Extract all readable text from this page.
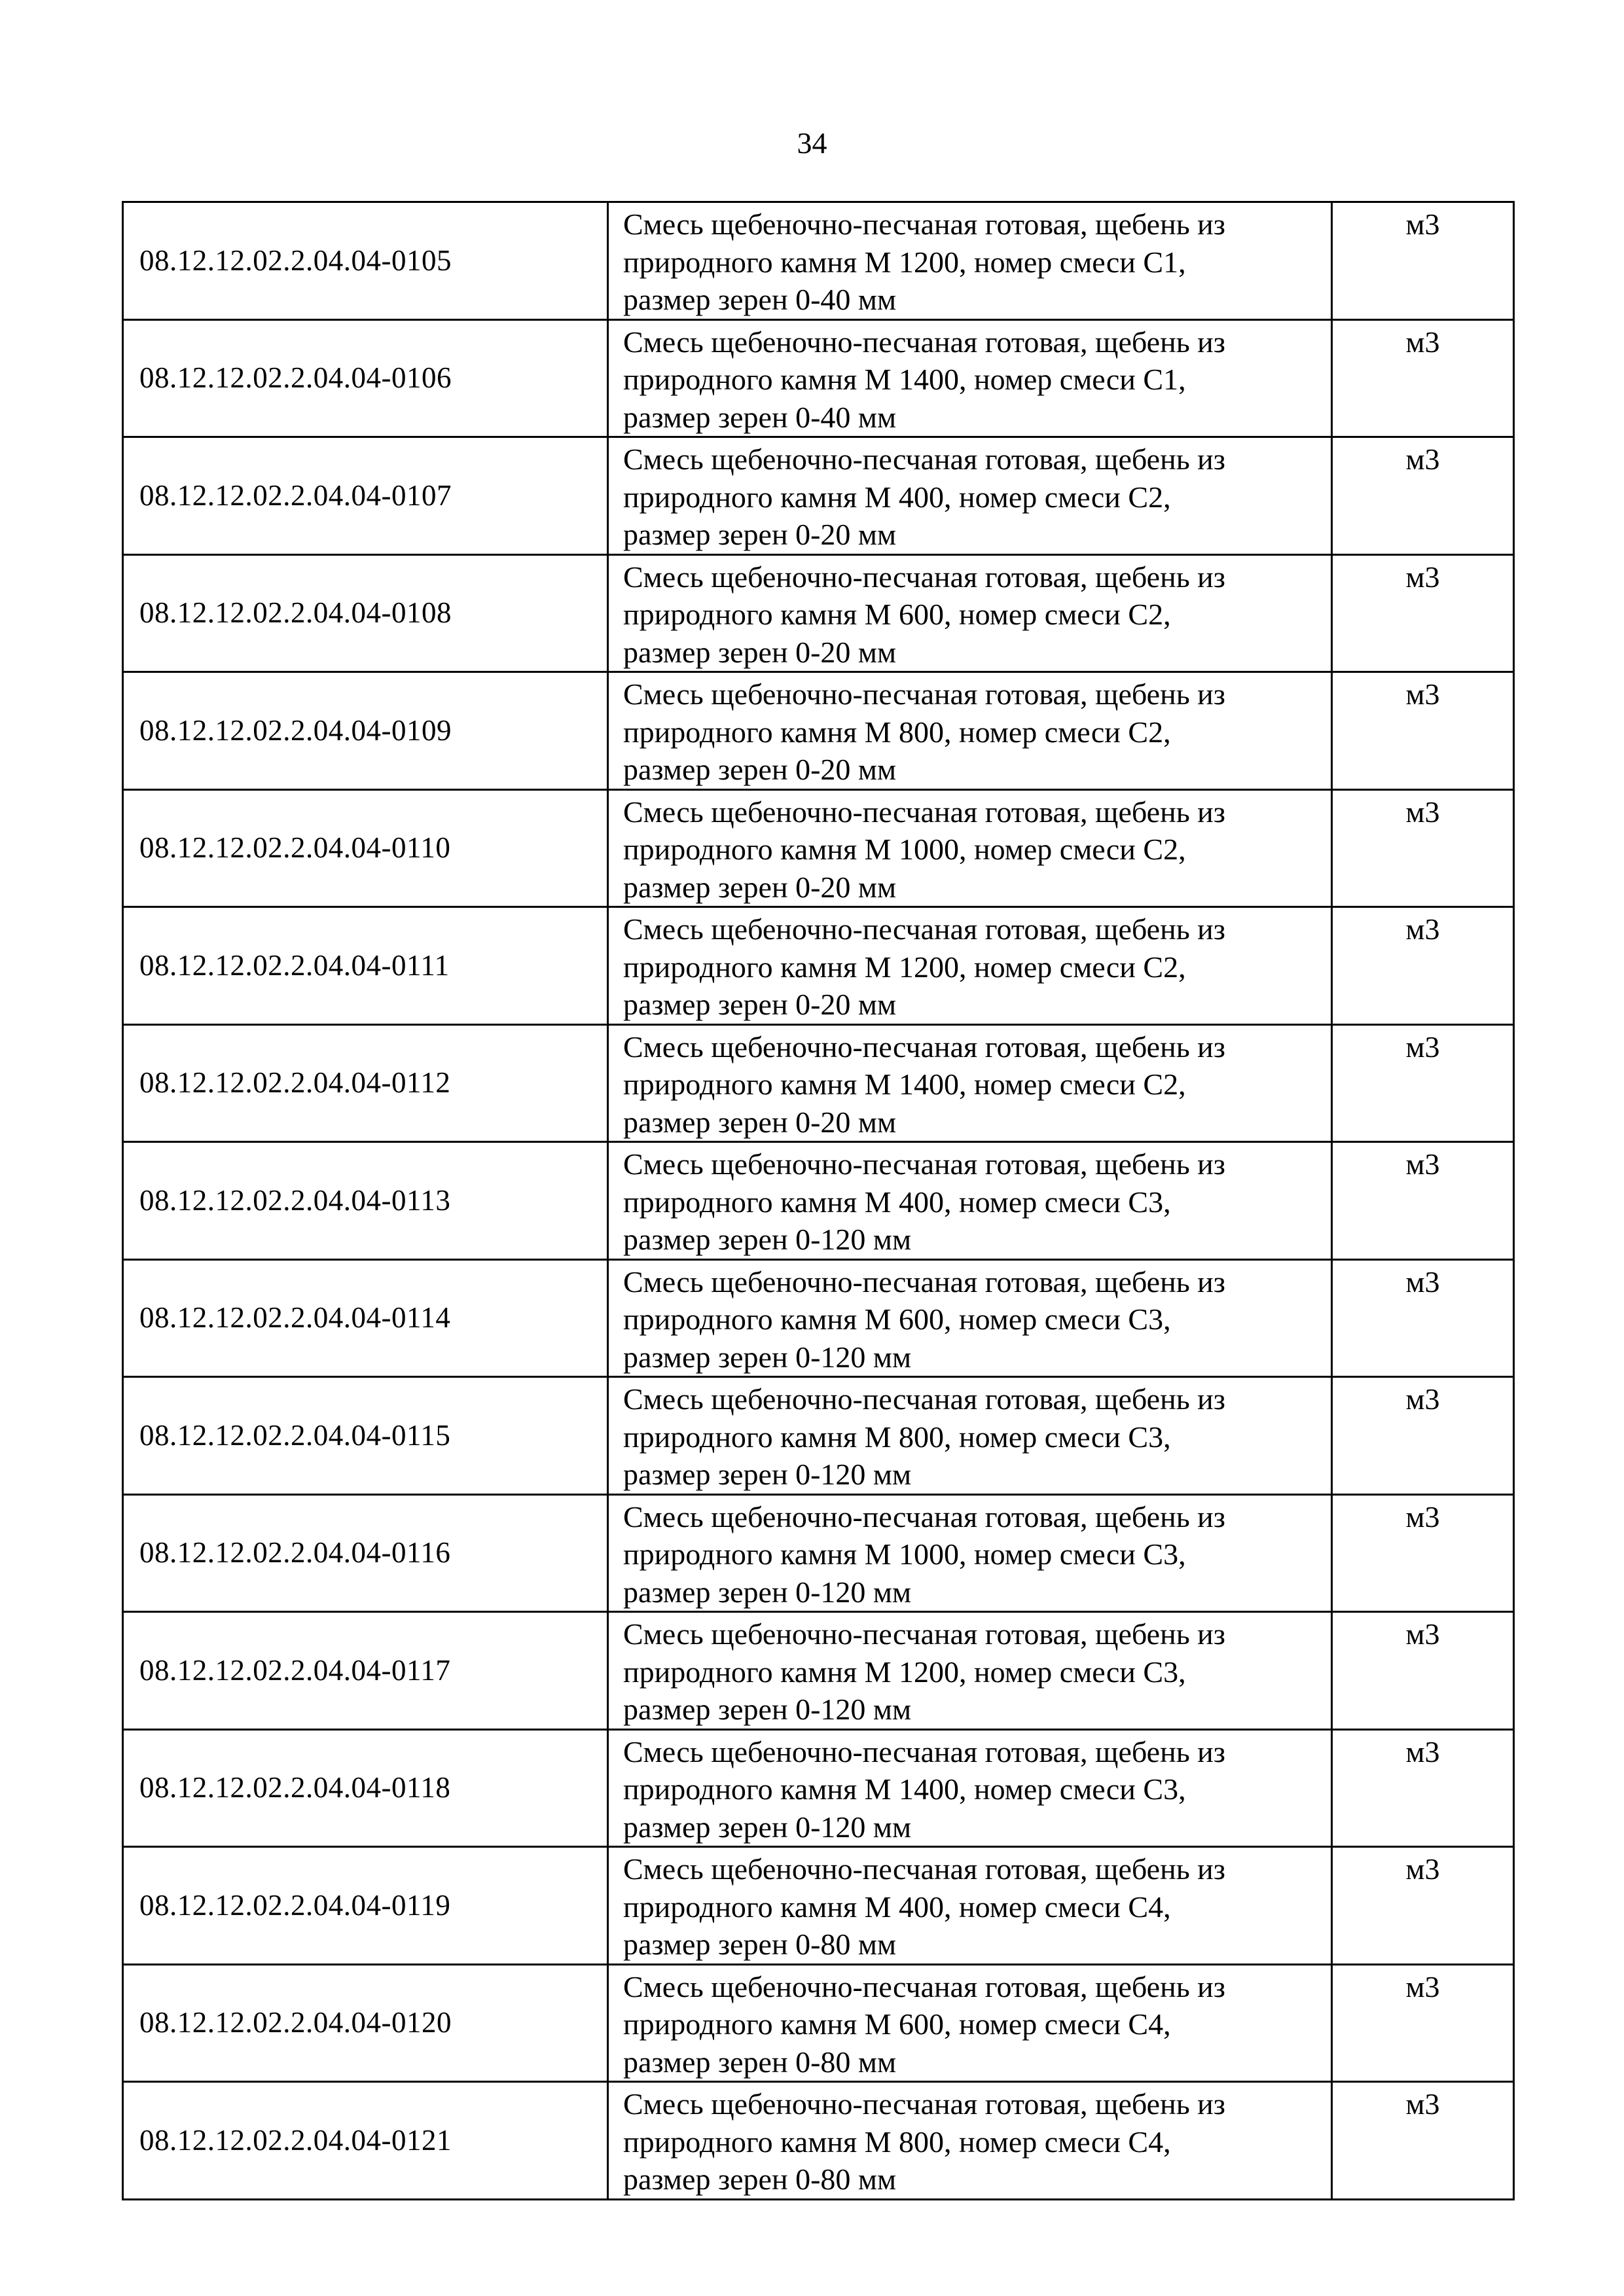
34
08.12.12.02.2.04.04-0105	Смесь щебеночно-песчаная готовая, щебень из
природного камня М 1200, номер смеси С1,
размер зерен 0-40 мм	м3
08.12.12.02.2.04.04-0106	Смесь щебеночно-песчаная готовая, щебень из
природного камня М 1400, номер смеси С1,
размер зерен 0-40 мм	м3
08.12.12.02.2.04.04-0107	Смесь щебеночно-песчаная готовая, щебень из
природного камня М 400, номер смеси С2,
размер зерен 0-20 мм	м3
08.12.12.02.2.04.04-0108	Смесь щебеночно-песчаная готовая, щебень из
природного камня М 600, номер смеси С2,
размер зерен 0-20 мм	м3
08.12.12.02.2.04.04-0109	Смесь щебеночно-песчаная готовая, щебень из
природного камня М 800, номер смеси С2,
размер зерен 0-20 мм	м3
08.12.12.02.2.04.04-0110	Смесь щебеночно-песчаная готовая, щебень из
природного камня М 1000, номер смеси С2,
размер зерен 0-20 мм	м3
08.12.12.02.2.04.04-0111	Смесь щебеночно-песчаная готовая, щебень из
природного камня М 1200, номер смеси С2,
размер зерен 0-20 мм	м3
08.12.12.02.2.04.04-0112	Смесь щебеночно-песчаная готовая, щебень из
природного камня М 1400, номер смеси С2,
размер зерен 0-20 мм	м3
08.12.12.02.2.04.04-0113	Смесь щебеночно-песчаная готовая, щебень из
природного камня М 400, номер смеси С3,
размер зерен 0-120 мм	м3
08.12.12.02.2.04.04-0114	Смесь щебеночно-песчаная готовая, щебень из
природного камня М 600, номер смеси С3,
размер зерен 0-120 мм	м3
08.12.12.02.2.04.04-0115	Смесь щебеночно-песчаная готовая, щебень из
природного камня М 800, номер смеси С3,
размер зерен 0-120 мм	м3
08.12.12.02.2.04.04-0116	Смесь щебеночно-песчаная готовая, щебень из
природного камня М 1000, номер смеси С3,
размер зерен 0-120 мм	м3
08.12.12.02.2.04.04-0117	Смесь щебеночно-песчаная готовая, щебень из
природного камня М 1200, номер смеси С3,
размер зерен 0-120 мм	м3
08.12.12.02.2.04.04-0118	Смесь щебеночно-песчаная готовая, щебень из
природного камня М 1400, номер смеси С3,
размер зерен 0-120 мм	м3
08.12.12.02.2.04.04-0119	Смесь щебеночно-песчаная готовая, щебень из
природного камня М 400, номер смеси С4,
размер зерен 0-80 мм	м3
08.12.12.02.2.04.04-0120	Смесь щебеночно-песчаная готовая, щебень из
природного камня М 600, номер смеси С4,
размер зерен 0-80 мм	м3
08.12.12.02.2.04.04-0121	Смесь щебеночно-песчаная готовая, щебень из
природного камня М 800, номер смеси С4,
размер зерен 0-80 мм	м3
